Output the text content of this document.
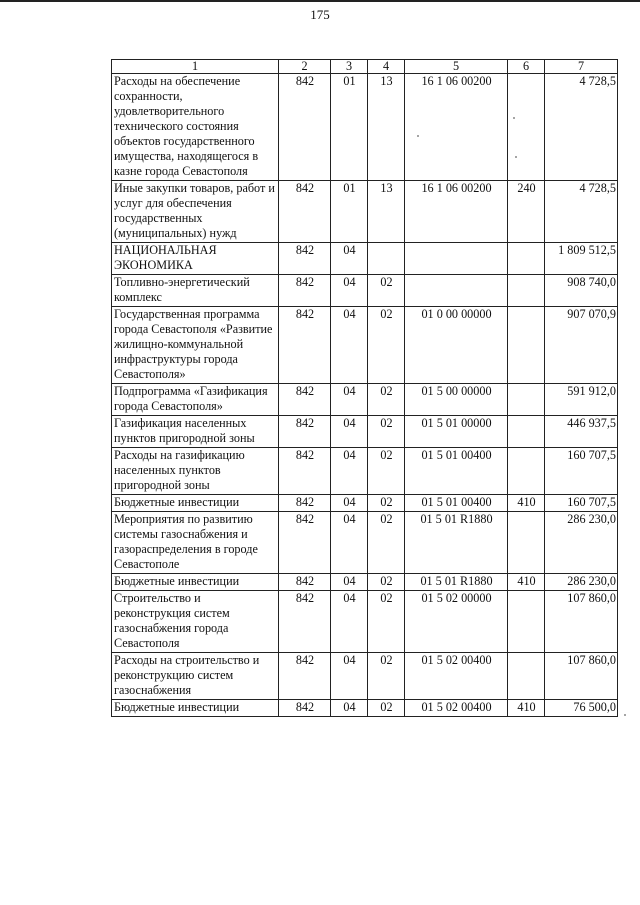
175
1	2	3	4	5	6	7
Расходы на обеспечение сохранности, удовлетворительного технического состояния объектов государственного имущества, находящегося в казне города Севастополя	842	01	13	16 1 06 00200		4 728,5
Иные закупки товаров, работ и услуг для обеспечения государственных (муниципальных) нужд	842	01	13	16 1 06 00200	240	4 728,5
НАЦИОНАЛЬНАЯ ЭКОНОМИКА	842	04				1 809 512,5
Топливно-энергетический комплекс	842	04	02			908 740,0
Государственная программа города Севастополя «Развитие жилищно-коммунальной инфраструктуры города Севастополя»	842	04	02	01 0 00 00000		907 070,9
Подпрограмма «Газификация города Севастополя»	842	04	02	01 5 00 00000		591 912,0
Газификация населенных пунктов пригородной зоны	842	04	02	01 5 01 00000		446 937,5
Расходы на газификацию населенных пунктов пригородной зоны	842	04	02	01 5 01 00400		160 707,5
Бюджетные инвестиции	842	04	02	01 5 01 00400	410	160 707,5
Мероприятия по развитию системы газоснабжения и газораспределения в городе Севастополе	842	04	02	01 5 01 R1880		286 230,0
Бюджетные инвестиции	842	04	02	01 5 01 R1880	410	286 230,0
Строительство и реконструкция систем газоснабжения города Севастополя	842	04	02	01 5 02 00000		107 860,0
Расходы на строительство и реконструкцию систем газоснабжения	842	04	02	01 5 02 00400		107 860,0
Бюджетные инвестиции	842	04	02	01 5 02 00400	410	76 500,0
